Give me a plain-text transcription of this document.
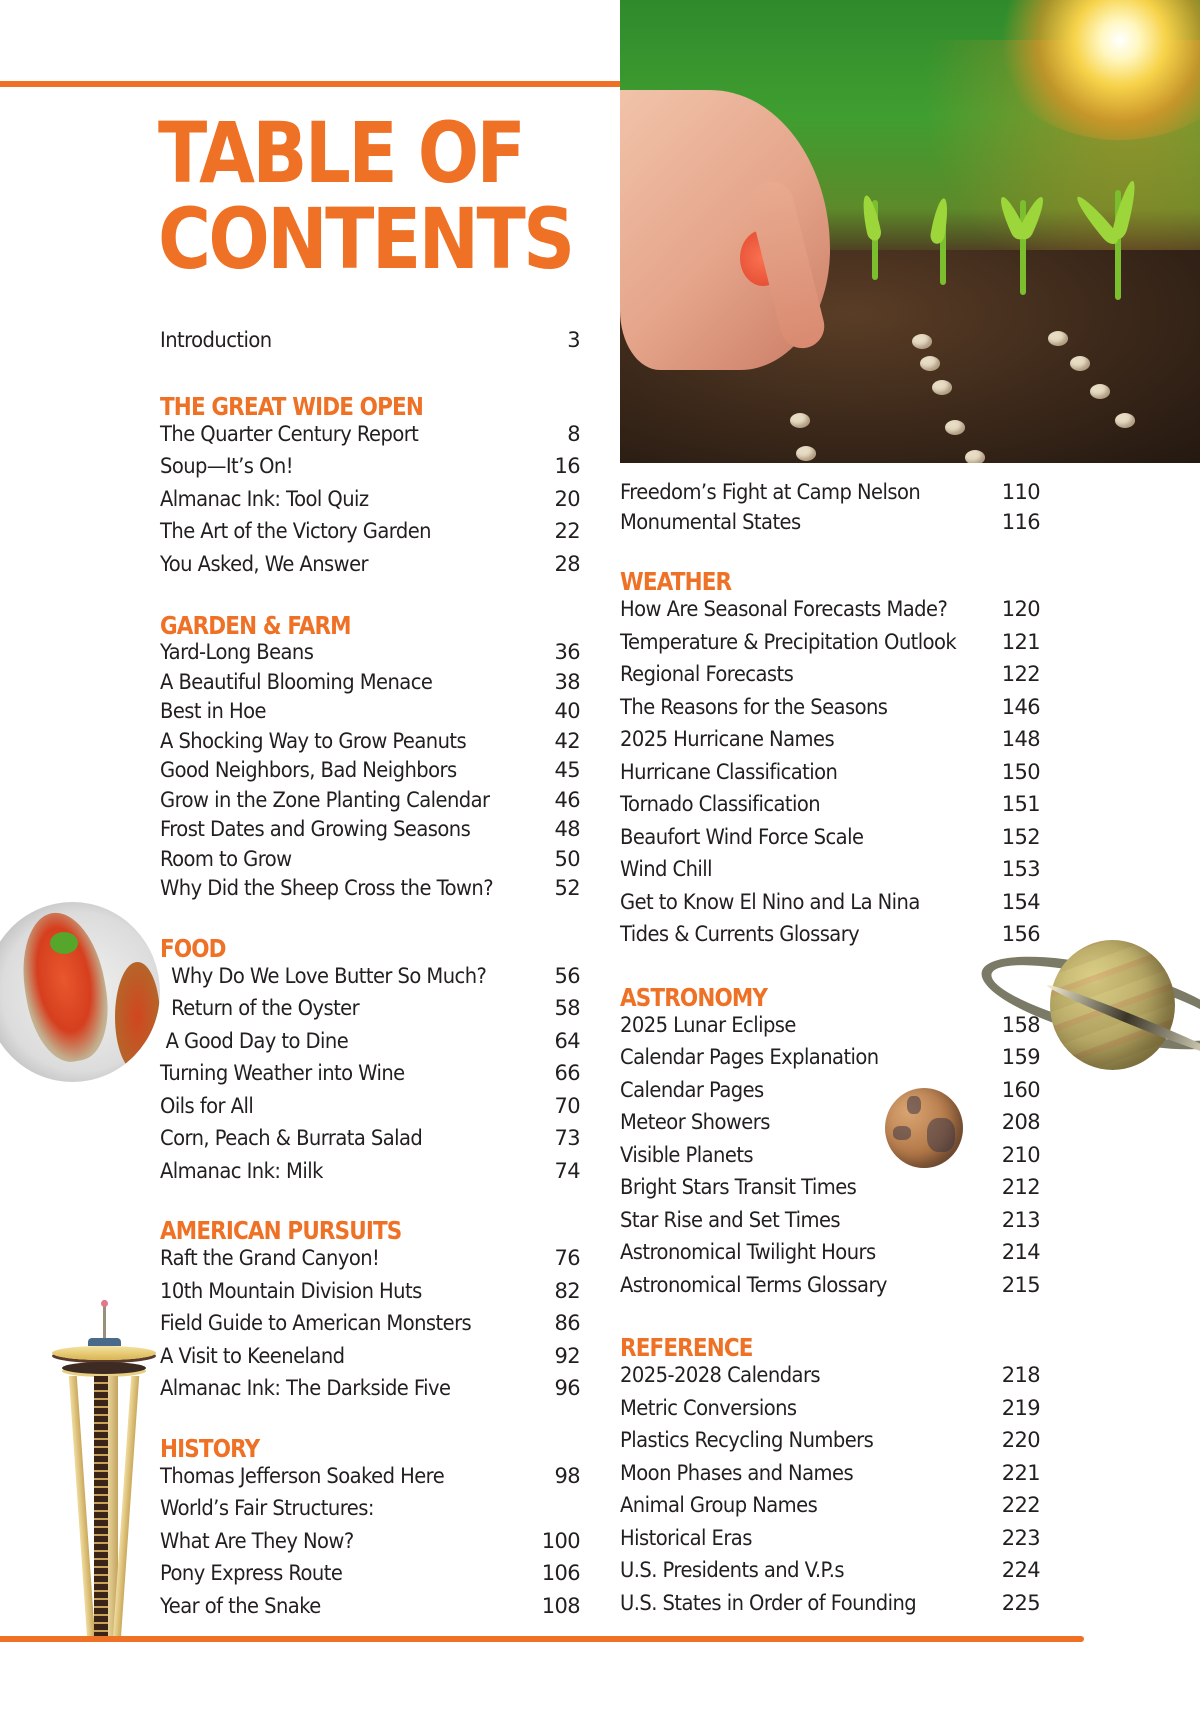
TABLE OF
CONTENTS
Introduction	3
THE GREAT WIDE OPEN
The Quarter Century Report	8
Soup—It’s On!	16
Almanac Ink: Tool Quiz	20
The Art of the Victory Garden	22
You Asked, We Answer	28
GARDEN & FARM
Yard-Long Beans	36
A Beautiful Blooming Menace	38
Best in Hoe	40
A Shocking Way to Grow Peanuts	42
Good Neighbors, Bad Neighbors	45
Grow in the Zone Planting Calendar	46
Frost Dates and Growing Seasons	48
Room to Grow	50
Why Did the Sheep Cross the Town?	52
FOOD
Why Do We Love Butter So Much?	56
Return of the Oyster	58
A Good Day to Dine	64
Turning Weather into Wine	66
Oils for All	70
Corn, Peach & Burrata Salad	73
Almanac Ink: Milk	74
AMERICAN PURSUITS
Raft the Grand Canyon!	76
10th Mountain Division Huts	82
Field Guide to American Monsters	86
A Visit to Keeneland	92
Almanac Ink: The Darkside Five	96
HISTORY
Thomas Jefferson Soaked Here	98
World’s Fair Structures:
What Are They Now?	100
Pony Express Route	106
Year of the Snake	108
Freedom’s Fight at Camp Nelson	110
Monumental States	116
WEATHER
How Are Seasonal Forecasts Made?	120
Temperature & Precipitation Outlook 121
Regional Forecasts	122
The Reasons for the Seasons	146
2025 Hurricane Names	148
Hurricane Classification	150
Tornado Classification	151
Beaufort Wind Force Scale	152
Wind Chill	153
Get to Know El Nino and La Nina	154
Tides & Currents Glossary	156
ASTRONOMY
2025 Lunar Eclipse	158
Calendar Pages Explanation	159
Calendar Pages	160
Meteor Showers	208
Visible Planets	210
Bright Stars Transit Times	212
Star Rise and Set Times	213
Astronomical Twilight Hours	214
Astronomical Terms Glossary	215
REFERENCE
2025-2028 Calendars	218
Metric Conversions	219
Plastics Recycling Numbers	220
Moon Phases and Names	221
Animal Group Names	222
Historical Eras	223
U.S. Presidents and V.P.s	224
U.S. States in Order of Founding	225
